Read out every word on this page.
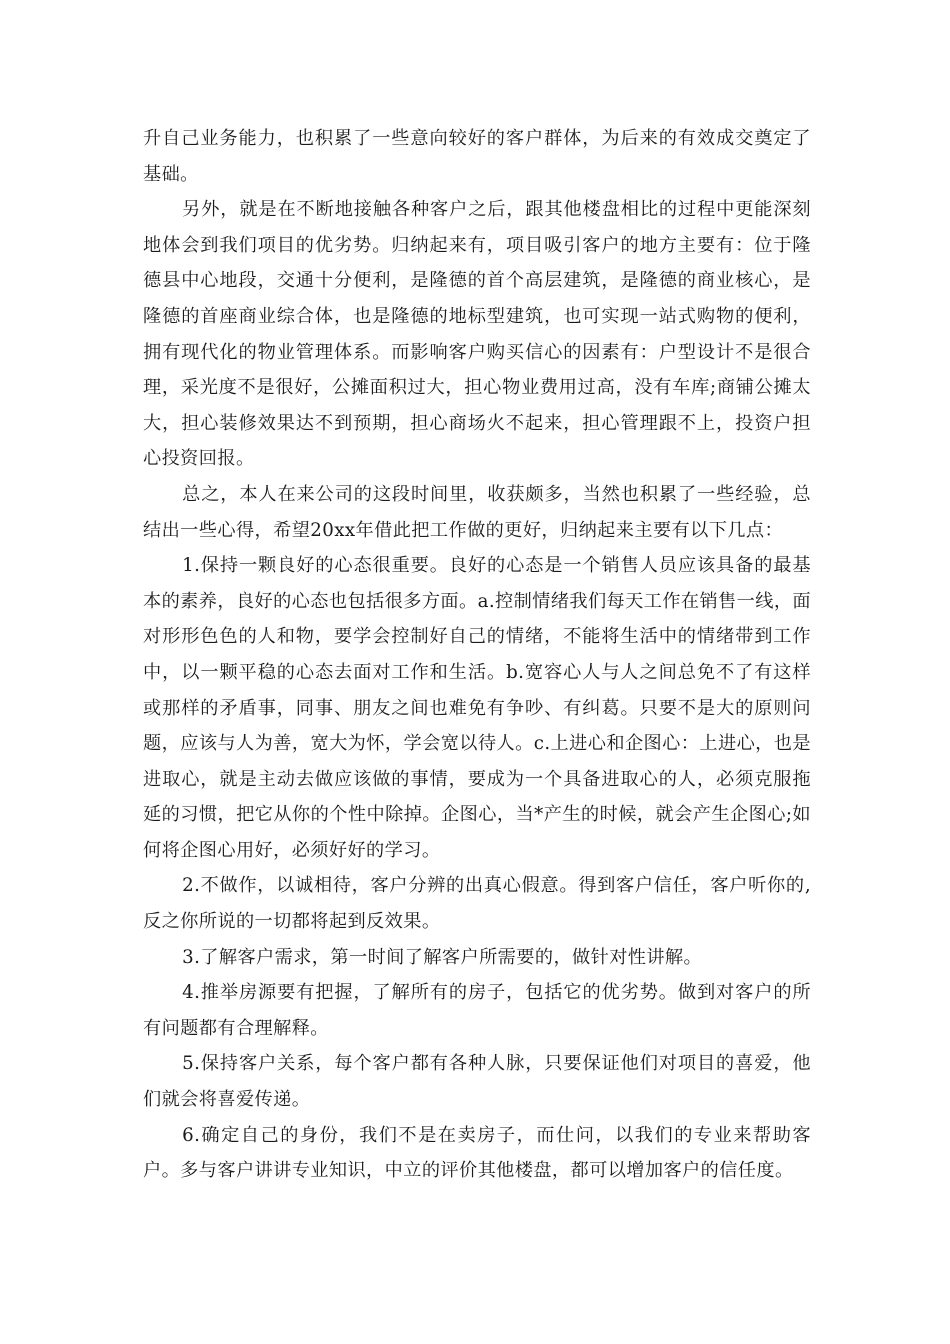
升自己业务能力，也积累了一些意向较好的客户群体，为后来的有效成交奠定了基础。

另外，就是在不断地接触各种客户之后，跟其他楼盘相比的过程中更能深刻地体会到我们项目的优劣势。归纳起来有，项目吸引客户的地方主要有：位于隆德县中心地段，交通十分便利，是隆德的首个高层建筑，是隆德的商业核心，是隆德的首座商业综合体，也是隆德的地标型建筑，也可实现一站式购物的便利，拥有现代化的物业管理体系。而影响客户购买信心的因素有：户型设计不是很合理，采光度不是很好，公摊面积过大，担心物业费用过高，没有车库;商铺公摊太大，担心装修效果达不到预期，担心商场火不起来，担心管理跟不上，投资户担心投资回报。

总之，本人在来公司的这段时间里，收获颇多，当然也积累了一些经验，总结出一些心得，希望20xx年借此把工作做的更好，归纳起来主要有以下几点：

1.保持一颗良好的心态很重要。良好的心态是一个销售人员应该具备的最基本的素养，良好的心态也包括很多方面。a.控制情绪我们每天工作在销售一线，面对形形色色的人和物，要学会控制好自己的情绪，不能将生活中的情绪带到工作中，以一颗平稳的心态去面对工作和生活。b.宽容心人与人之间总免不了有这样或那样的矛盾事，同事、朋友之间也难免有争吵、有纠葛。只要不是大的原则问题，应该与人为善，宽大为怀，学会宽以待人。c.上进心和企图心：上进心，也是进取心，就是主动去做应该做的事情，要成为一个具备进取心的人，必须克服拖延的习惯，把它从你的个性中除掉。企图心，当*产生的时候，就会产生企图心;如何将企图心用好，必须好好的学习。

2.不做作，以诚相待，客户分辨的出真心假意。得到客户信任，客户听你的,反之你所说的一切都将起到反效果。

3.了解客户需求，第一时间了解客户所需要的，做针对性讲解。

4.推举房源要有把握，了解所有的房子，包括它的优劣势。做到对客户的所有问题都有合理解释。

5.保持客户关系，每个客户都有各种人脉，只要保证他们对项目的喜爱，他们就会将喜爱传递。

6.确定自己的身份，我们不是在卖房子，而仕问，以我们的专业来帮助客户。多与客户讲讲专业知识，中立的评价其他楼盘，都可以增加客户的信任度。
